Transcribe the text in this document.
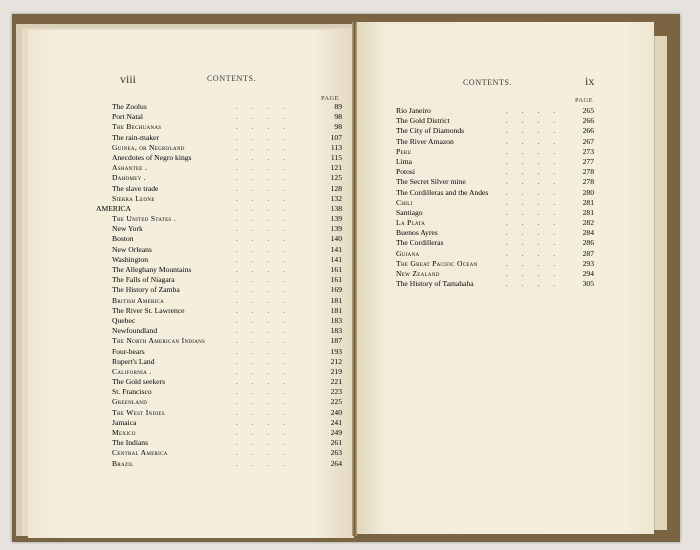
viii	CONTENTS.
PAGE
CONTENTS.	ix
PAGE
The Zoolus	.  .  .  .	89
Port Natal	.  .  .  .	98
The Bechuanas	.  .  .  .	98
The rain-maker	.  .  .  .	107
Guinea, or Negroland	.  .  .  .	113
Anecdotes of Negro kings	.  .  .  .	115
Ashantee .	.  .  .  .	121
Dahomey .	.  .  .  .	125
The slave trade	.  .  .  .	128
Sierra Leone	.  .  .  .	132
AMERICA	.  .  .  .	138
The United States .	.  .  .  .	139
New York	.  .  .  .	139
Boston	.  .  .  .	140
New Orleans	.  .  .  .	141
Washington	.  .  .  .	141
The Alleghany Mountains	.  .  .  .	161
The Falls of Niagara	.  .  .  .	161
The History of Zamba	.  .  .  .	169
British America	.  .  .  .	181
The River St. Lawrence	.  .  .  .	181
Quebec	.  .  .  .	183
Newfoundland	.  .  .  .	183
The North American Indians	.  .  .  .	187
Four-bears	.  .  .  .	193
Rupert's Land	.  .  .  .	212
California .	.  .  .  .	219
The Gold seekers	.  .  .  .	221
St. Francisco	.  .  .  .	223
Greenland	.  .  .  .	225
The West Indies	.  .  .  .	240
Jamaica	.  .  .  .	241
Mexico	.  .  .  .	249
The Indians	.  .  .  .	261
Central America	.  .  .  .	263
Brazil	.  .  .  .	264
Rio Janeiro	.  .  .  .	265
The Gold District	.  .  .  .	266
The City of Diamonds	.  .  .  .	266
The River Amazon	.  .  .  .	267
Peru	.  .  .  .	273
Lima	.  .  .  .	277
Potosi	.  .  .  .	278
The Secret Silver mine	.  .  .  .	278
The Cordilleras and the Andes	.  .  .  .	280
Chili	.  .  .  .	281
Santiago	.  .  .  .	281
La Plata	.  .  .  .	282
Buenos Ayres	.  .  .  .	284
The Cordilleras	.  .  .  .	286
Guiana	.  .  .  .	287
The Great Pacific Ocean	.  .  .  .	293
New Zealand	.  .  .  .	294
The History of Tamahaha	.  .  .  .	305
